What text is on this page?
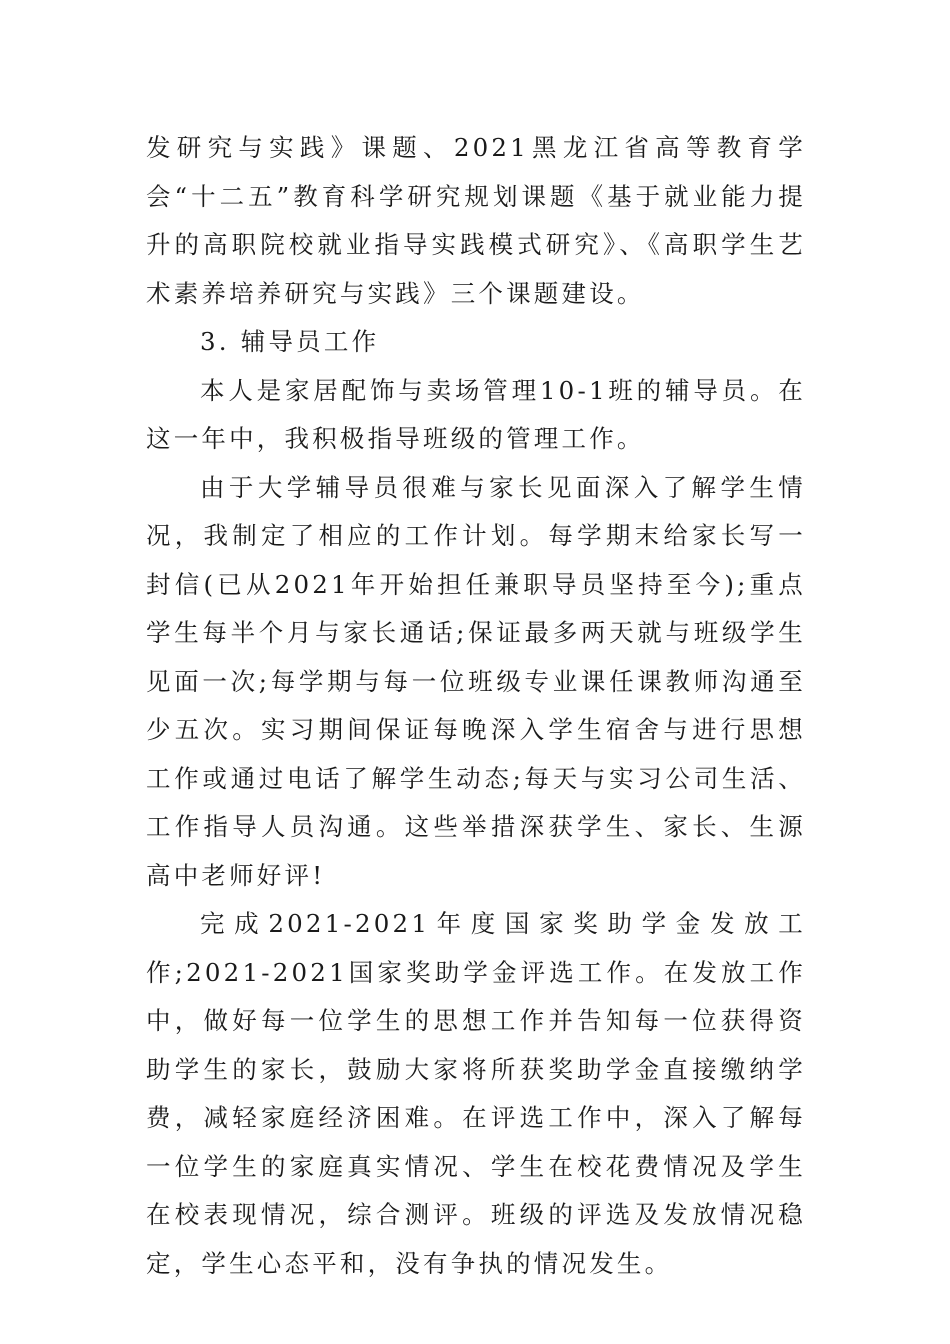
发研究与实践》课题、2021黑龙江省高等教育学会“十二五”教育科学研究规划课题《基于就业能力提升的高职院校就业指导实践模式研究》、《高职学生艺术素养培养研究与实践》三个课题建设。

3. 辅导员工作

本人是家居配饰与卖场管理10-1班的辅导员。在这一年中，我积极指导班级的管理工作。

由于大学辅导员很难与家长见面深入了解学生情况，我制定了相应的工作计划。每学期末给家长写一封信(已从2021年开始担任兼职导员坚持至今);重点学生每半个月与家长通话;保证最多两天就与班级学生见面一次;每学期与每一位班级专业课任课教师沟通至少五次。实习期间保证每晚深入学生宿舍与进行思想工作或通过电话了解学生动态;每天与实习公司生活、工作指导人员沟通。这些举措深获学生、家长、生源高中老师好评!

完成2021-2021年度国家奖助学金发放工作;2021-2021国家奖助学金评选工作。在发放工作中，做好每一位学生的思想工作并告知每一位获得资助学生的家长，鼓励大家将所获奖助学金直接缴纳学费，减轻家庭经济困难。在评选工作中，深入了解每一位学生的家庭真实情况、学生在校花费情况及学生在校表现情况，综合测评。班级的评选及发放情况稳定，学生心态平和，没有争执的情况发生。
